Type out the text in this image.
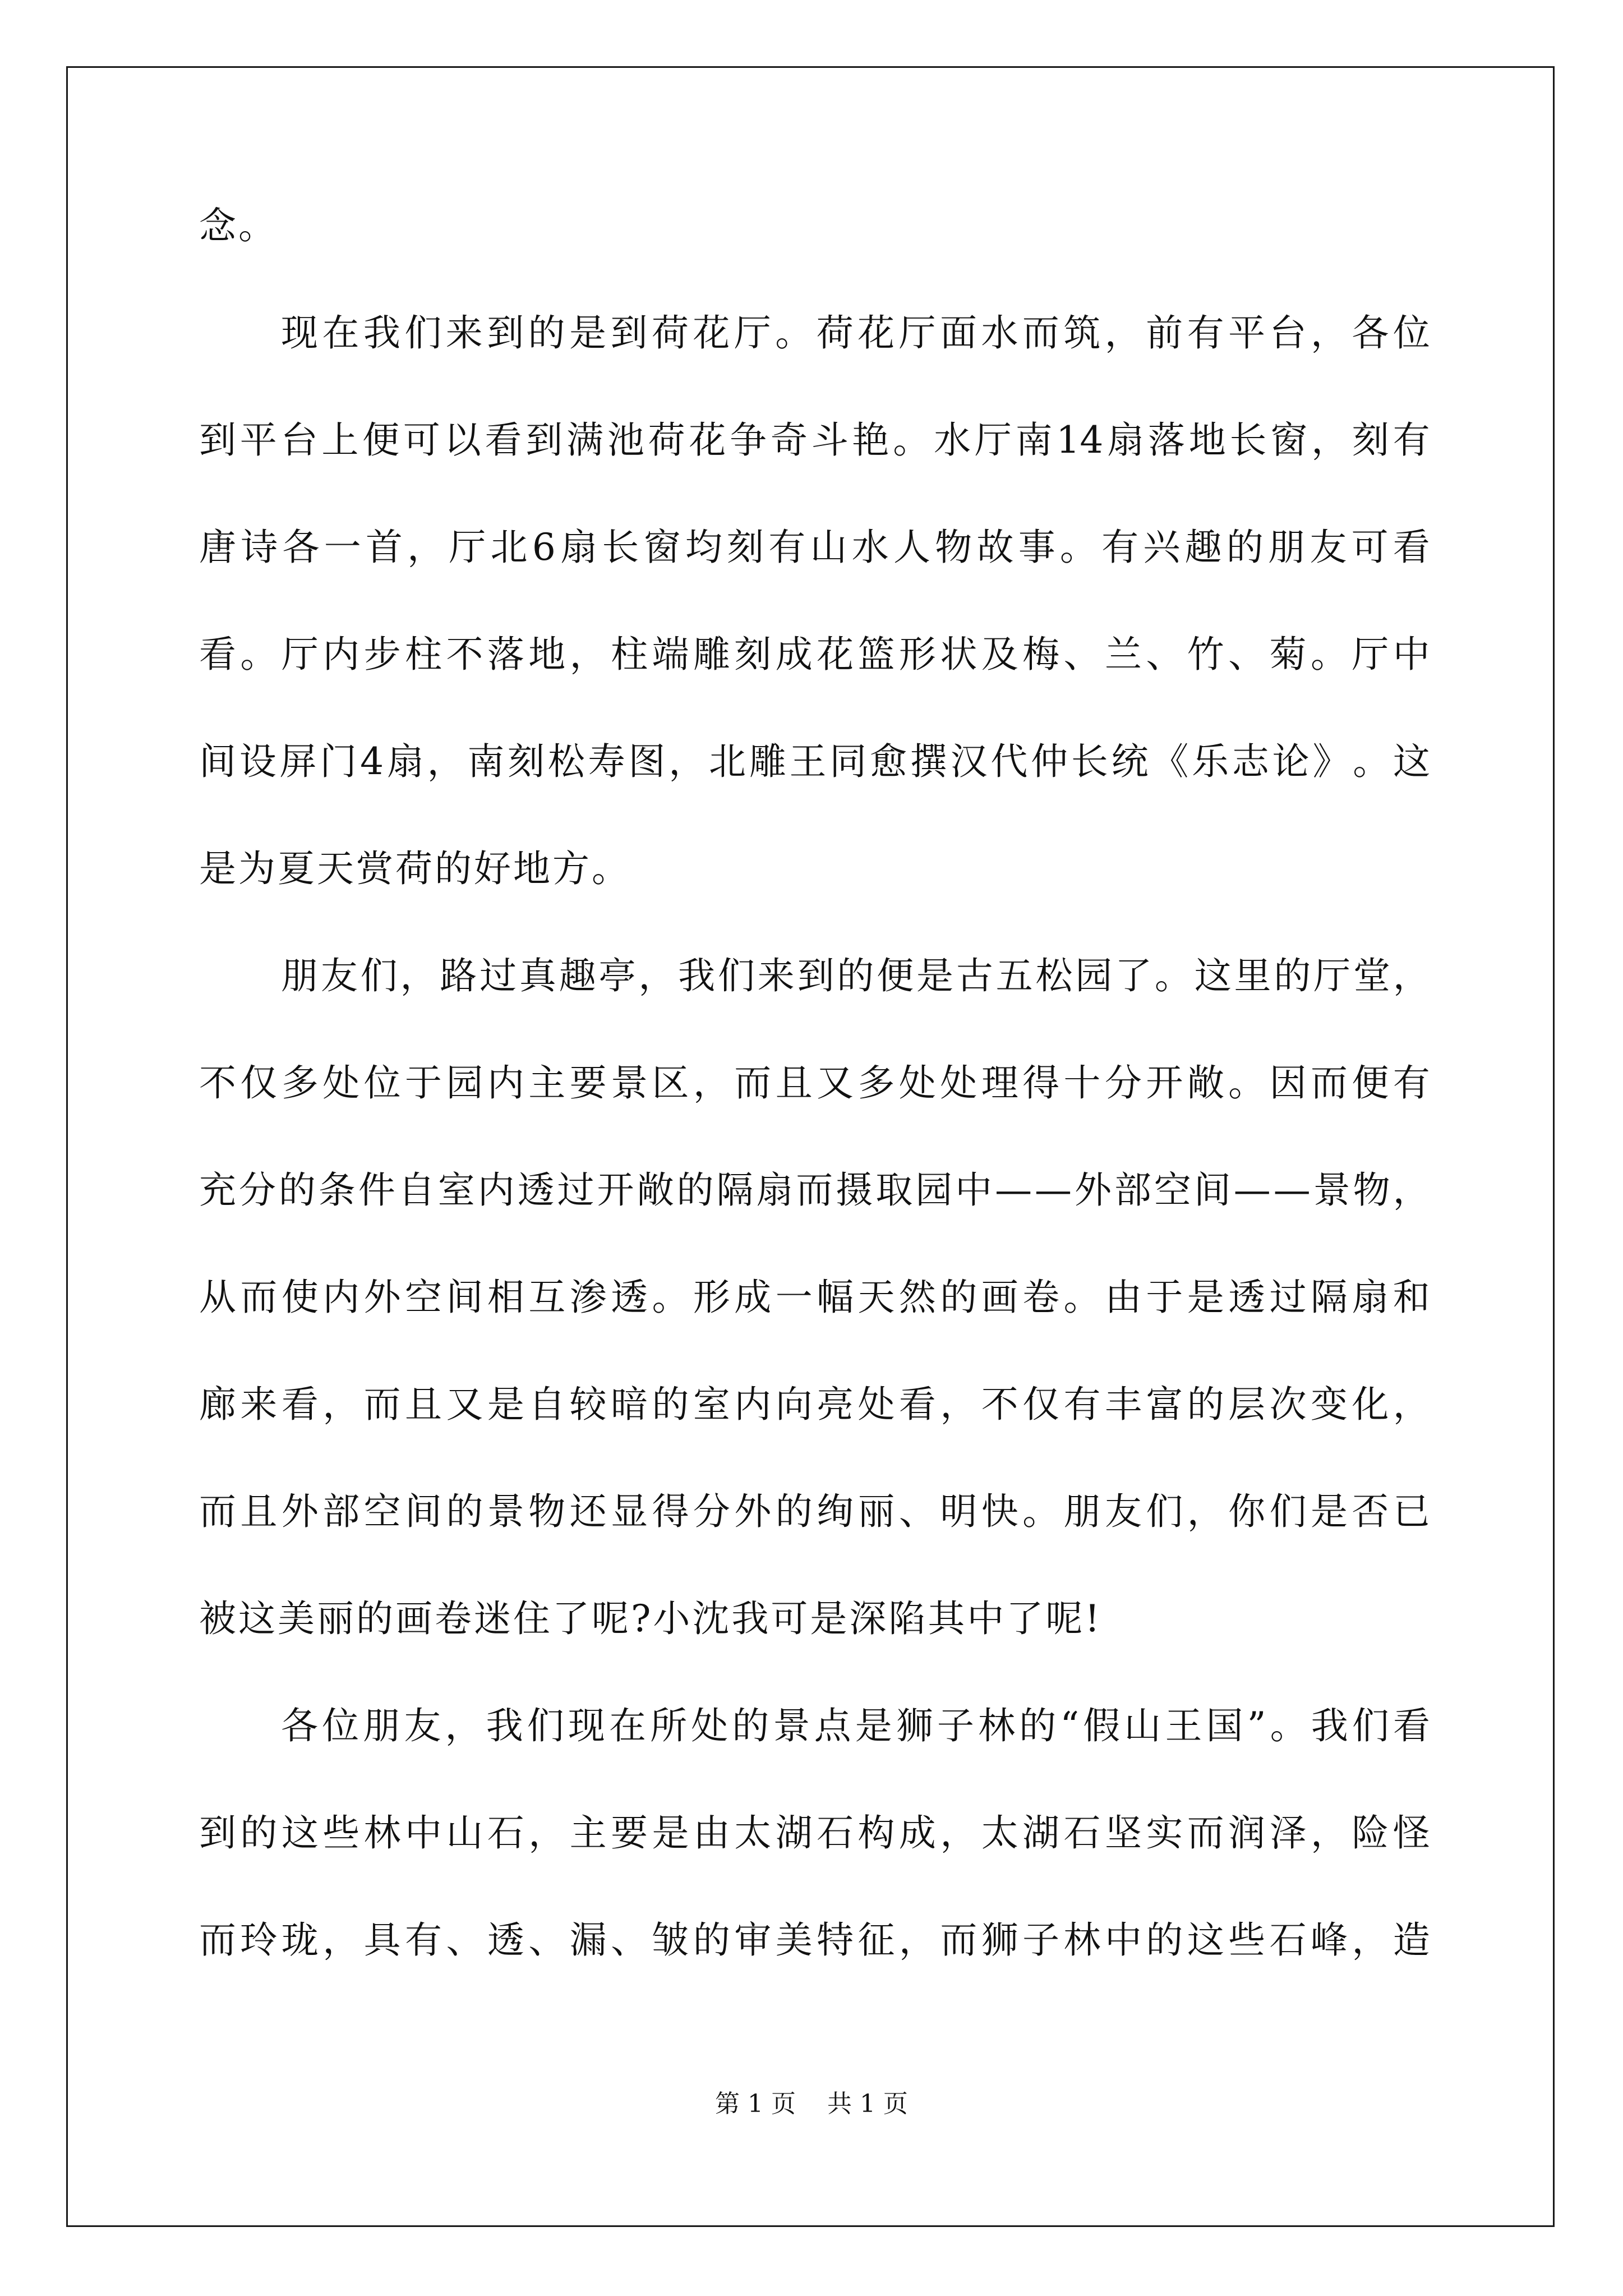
念。
现 在 我 们 来 到 的 是 到 荷 花 厅 。 荷 花 厅 面 水 而 筑 ， 前 有 平 台 ， 各 位
到 平 台 上 便 可 以 看 到 满 池 荷 花 争 奇 斗 艳 。 水 厅 南 14 扇 落 地 长 窗 ， 刻 有
唐 诗 各 一 首 ， 厅 北 6 扇 长 窗 均 刻 有 山 水 人 物 故 事 。 有 兴 趣 的 朋 友 可 看
看 。 厅 内 步 柱 不 落 地 ， 柱 端 雕 刻 成 花 篮 形 状 及 梅 、 兰 、 竹 、 菊 。 厅 中
间 设 屏 门 4 扇 ， 南 刻 松 寿 图 ， 北 雕 王 同 愈 撰 汉 代 仲 长 统 《 乐 志 论 》 。 这
是为夏天赏荷的好地方。
朋 友 们 ， 路 过 真 趣 亭 ， 我 们 来 到 的 便 是 古 五 松 园 了 。 这 里 的 厅 堂 ，
不 仅 多 处 位 于 园 内 主 要 景 区 ， 而 且 又 多 处 处 理 得 十 分 开 敞 。 因 而 便 有
充 分 的 条 件 自 室 内 透 过 开 敞 的 隔 扇 而 摄 取 园 中 — — 外 部 空 间 — — 景 物 ，
从 而 使 内 外 空 间 相 互 渗 透 。 形 成 一 幅 天 然 的 画 卷 。 由 于 是 透 过 隔 扇 和
廊 来 看 ， 而 且 又 是 自 较 暗 的 室 内 向 亮 处 看 ， 不 仅 有 丰 富 的 层 次 变 化 ，
而 且 外 部 空 间 的 景 物 还 显 得 分 外 的 绚 丽 、 明 快 。 朋 友 们 ， 你 们 是 否 已
被这美丽的画卷迷住了呢?小沈我可是深陷其中了呢!
各 位 朋 友 ， 我 们 现 在 所 处 的 景 点 是 狮 子 林 的 “ 假 山 王 国 ” 。 我 们 看
到 的 这 些 林 中 山 石 ， 主 要 是 由 太 湖 石 构 成 ， 太 湖 石 坚 实 而 润 泽 ， 险 怪
而 玲 珑 ， 具 有 、 透 、 漏 、 皱 的 审 美 特 征 ， 而 狮 子 林 中 的 这 些 石 峰 ， 造
第 1 页    共 1 页
